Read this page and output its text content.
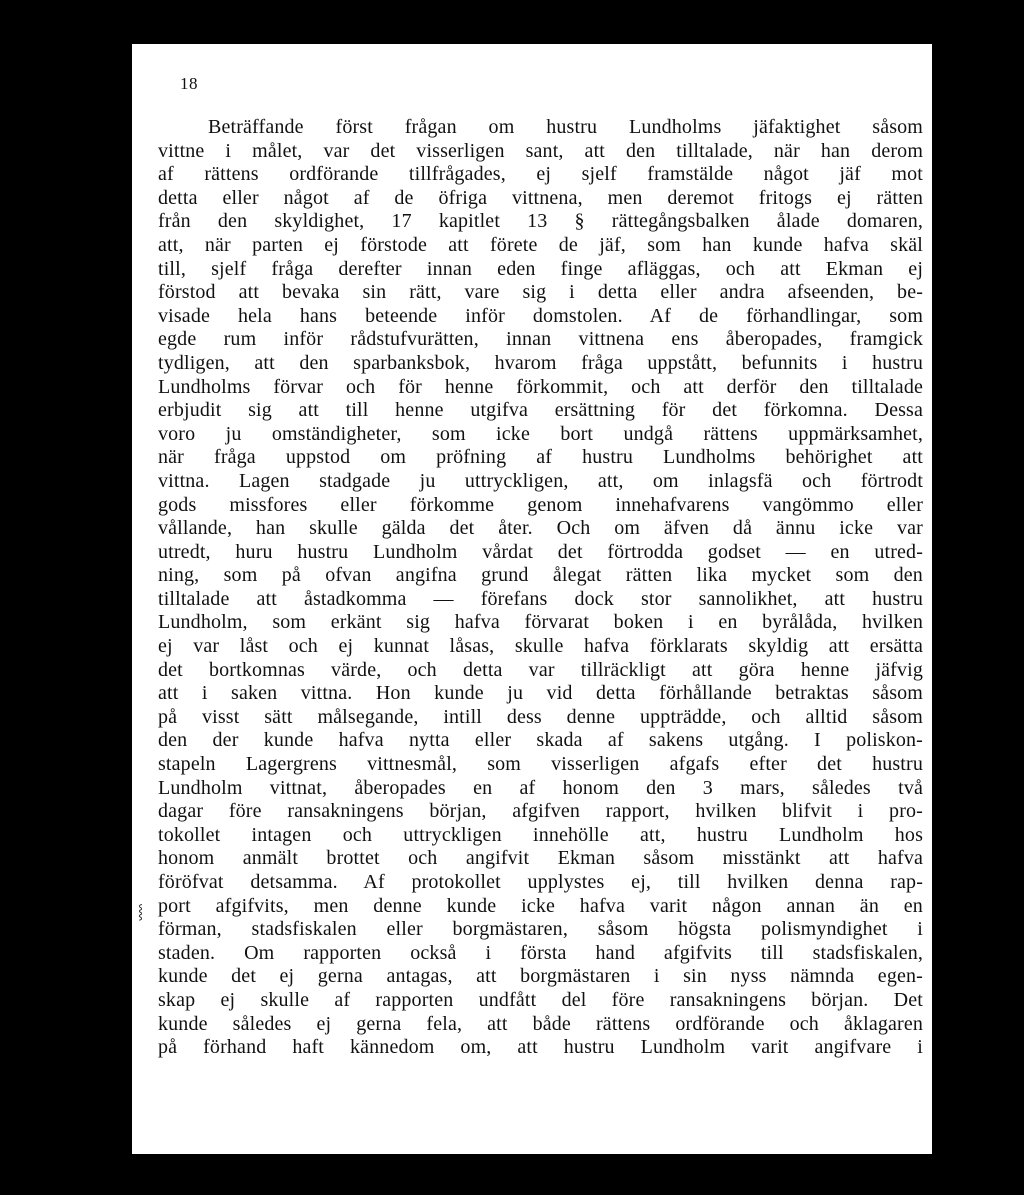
18
⸾
Beträffande först frågan om hustru Lundholms jäfaktighet såsom
vittne i målet, var det visserligen sant, att den tilltalade, när han derom
af rättens ordförande tillfrågades, ej sjelf framstälde något jäf mot
detta eller något af de öfriga vittnena, men deremot fritogs ej rätten
från den skyldighet, 17 kapitlet 13 § rättegångsbalken ålade domaren,
att, när parten ej förstode att förete de jäf, som han kunde hafva skäl
till, sjelf fråga derefter innan eden finge afläggas, och att Ekman ej
förstod att bevaka sin rätt, vare sig i detta eller andra afseenden, be-
visade hela hans beteende inför domstolen. Af de förhandlingar, som
egde rum inför rådstufvurätten, innan vittnena ens åberopades, framgick
tydligen, att den sparbanksbok, hvarom fråga uppstått, befunnits i hustru
Lundholms förvar och för henne förkommit, och att derför den tilltalade
erbjudit sig att till henne utgifva ersättning för det förkomna. Dessa
voro ju omständigheter, som icke bort undgå rättens uppmärksamhet,
när fråga uppstod om pröfning af hustru Lundholms behörighet att
vittna. Lagen stadgade ju uttryckligen, att, om inlagsfä och förtrodt
gods missfores eller förkomme genom innehafvarens vangömmo eller
vållande, han skulle gälda det åter. Och om äfven då ännu icke var
utredt, huru hustru Lundholm vårdat det förtrodda godset — en utred-
ning, som på ofvan angifna grund ålegat rätten lika mycket som den
tilltalade att åstadkomma — förefans dock stor sannolikhet, att hustru
Lundholm, som erkänt sig hafva förvarat boken i en byrålåda, hvilken
ej var låst och ej kunnat låsas, skulle hafva förklarats skyldig att ersätta
det bortkomnas värde, och detta var tillräckligt att göra henne jäfvig
att i saken vittna. Hon kunde ju vid detta förhållande betraktas såsom
på visst sätt målsegande, intill dess denne uppträdde, och alltid såsom
den der kunde hafva nytta eller skada af sakens utgång. I poliskon-
stapeln Lagergrens vittnesmål, som visserligen afgafs efter det hustru
Lundholm vittnat, åberopades en af honom den 3 mars, således två
dagar före ransakningens början, afgifven rapport, hvilken blifvit i pro-
tokollet intagen och uttryckligen innehölle att, hustru Lundholm hos
honom anmält brottet och angifvit Ekman såsom misstänkt att hafva
föröfvat detsamma. Af protokollet upplystes ej, till hvilken denna rap-
port afgifvits, men denne kunde icke hafva varit någon annan än en
förman, stadsfiskalen eller borgmästaren, såsom högsta polismyndighet i
staden. Om rapporten också i första hand afgifvits till stadsfiskalen,
kunde det ej gerna antagas, att borgmästaren i sin nyss nämnda egen-
skap ej skulle af rapporten undfått del före ransakningens början. Det
kunde således ej gerna fela, att både rättens ordförande och åklagaren
på förhand haft kännedom om, att hustru Lundholm varit angifvare i
